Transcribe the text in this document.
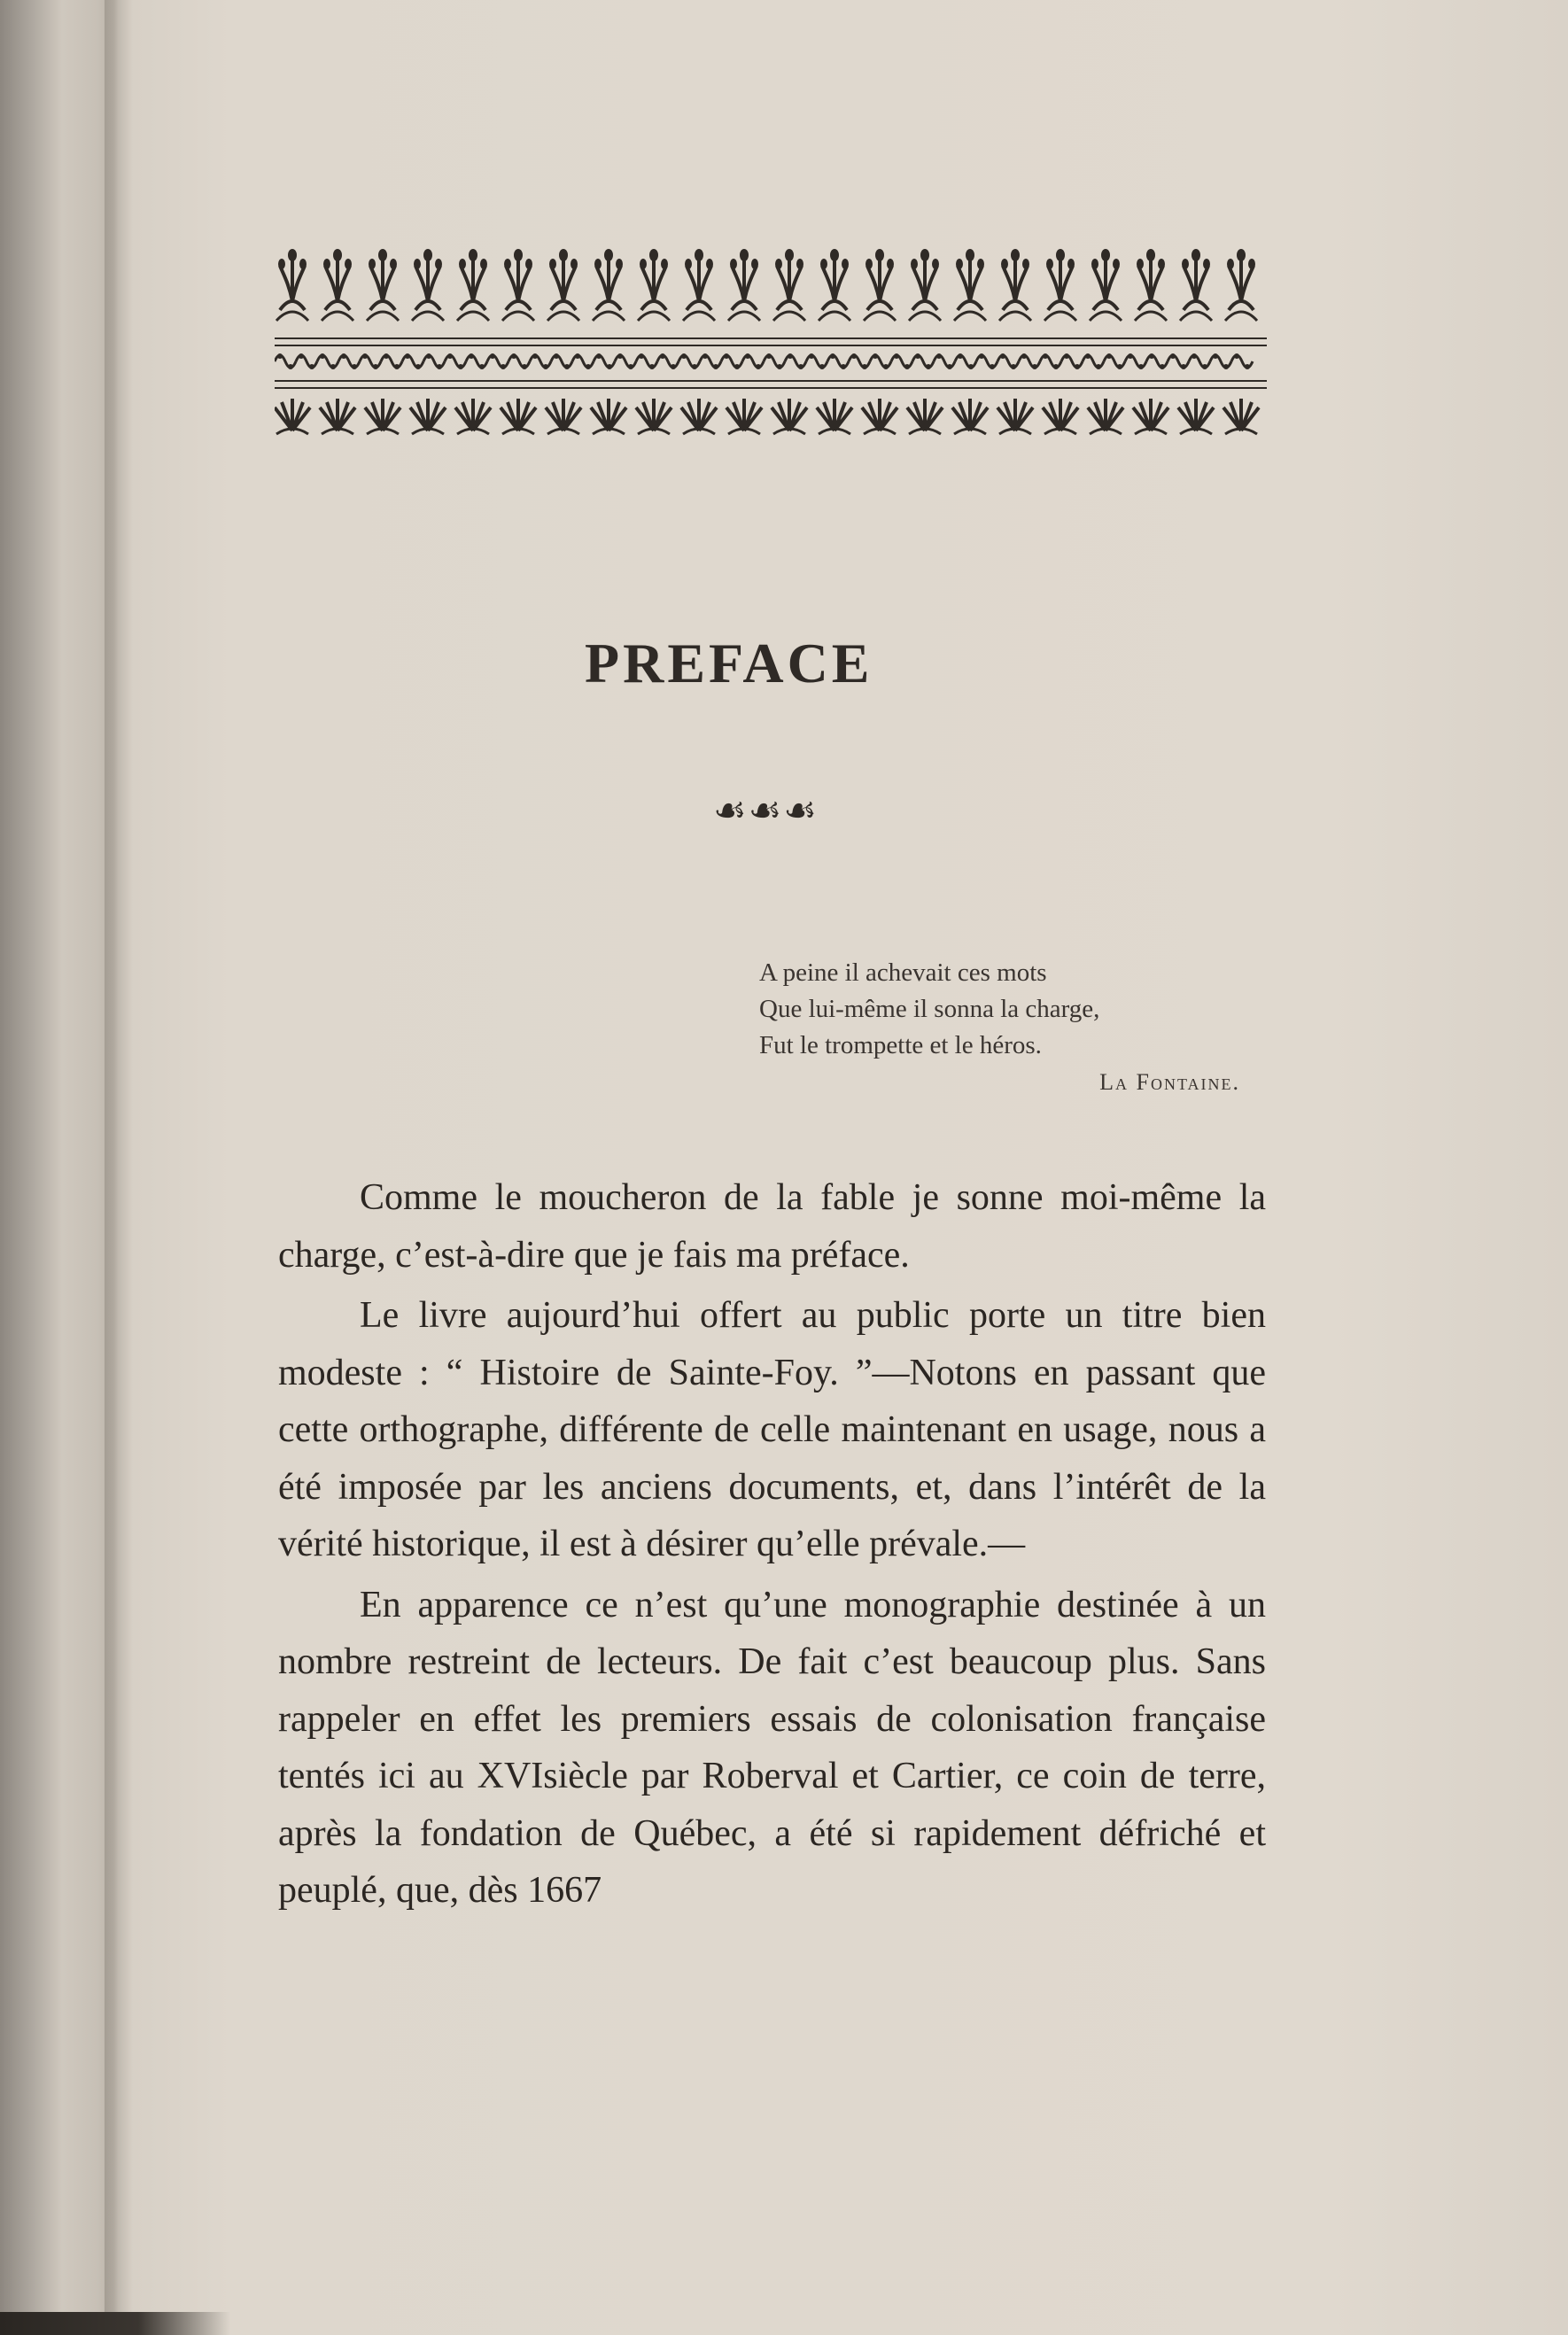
PREFACE
☙☙☙
A peine il achevait ces mots
Que lui-même il sonna la charge,
Fut le trompette et le héros.
La Fontaine.

Comme le moucheron de la fable je sonne moi-même la charge, c’est-à-dire que je fais ma préface.

Le livre aujourd’hui offert au public porte un titre bien modeste : “ Histoire de Sainte-Foy. ”—Notons en passant que cette orthographe, différente de celle maintenant en usage, nous a été imposée par les anciens documents, et, dans l’intérêt de la vérité historique, il est à désirer qu’elle prévale.—

En apparence ce n’est qu’une monographie destinée à un nombre restreint de lecteurs. De fait c’est beaucoup plus. Sans rappeler en effet les premiers essais de colonisation française tentés ici au XVIsiècle par Roberval et Cartier, ce coin de terre, après la fondation de Québec, a été si rapidement défriché et peuplé, que, dès 1667
